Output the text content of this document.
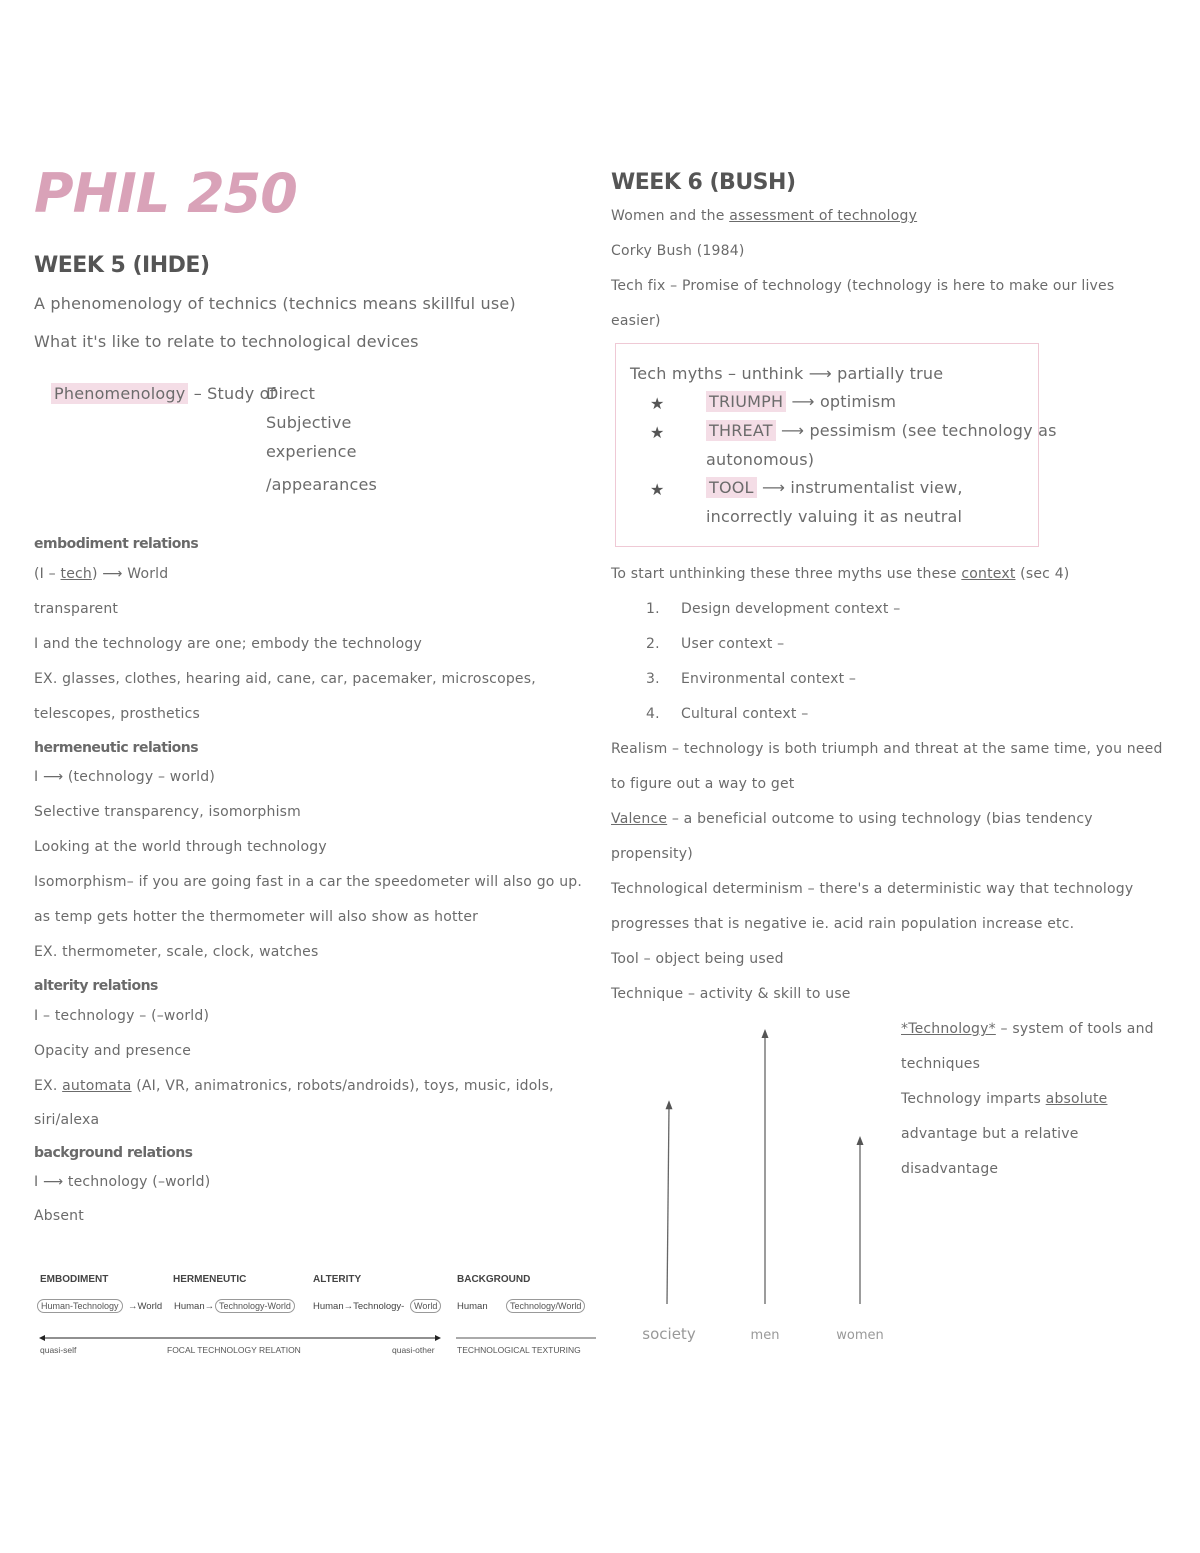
PHIL 250
WEEK 5 (IHDE)
A phenomenology of technics (technics means skillful use)
What it's like to relate to technological devices
Phenomenology – Study of
Direct
Subjective
experience
/appearances
embodiment relations
(I – tech) ⟶ World
transparent
I and the technology are one; embody the technology
EX. glasses, clothes, hearing aid, cane, car, pacemaker, microscopes,
telescopes, prosthetics
hermeneutic relations
I ⟶ (technology – world)
Selective transparency, isomorphism
Looking at the world through technology
Isomorphism– if you are going fast in a car the speedometer will also go up.
as temp gets hotter the thermometer will also show as hotter
EX. thermometer, scale, clock, watches
alterity relations
I – technology – (–world)
Opacity and presence
EX. automata (AI, VR, animatronics, robots/androids), toys, music, idols,
siri/alexa
background relations
I ⟶ technology (–world)
Absent
EMBODIMENT	HERMENEUTIC	ALTERITY	BACKGROUND
Human-Technology →World Human→ Technology-World	Human→Technology-	World	Human	Technology/World
quasi-self	FOCAL TECHNOLOGY RELATION	quasi-other	TECHNOLOGICAL TEXTURING
WEEK 6 (BUSH)
Women and the assessment of technology
Corky Bush (1984)
Tech fix – Promise of technology (technology is here to make our lives
easier)
Tech myths – unthink ⟶ partially true
★	TRIUMPH ⟶ optimism
★	THREAT ⟶ pessimism (see technology as
autonomous)
★	TOOL ⟶ instrumentalist view,
incorrectly valuing it as neutral
To start unthinking these three myths use these context (sec 4)
1. Design development context –
2. User context –
3. Environmental context –
4. Cultural context –
Realism – technology is both triumph and threat at the same time, you need
to figure out a way to get
Valence – a beneficial outcome to using technology (bias tendency
propensity)
Technological determinism – there's a deterministic way that technology
progresses that is negative ie. acid rain population increase etc.
Tool – object being used
Technique – activity & skill to use
*Technology* – system of tools and
techniques
Technology imparts absolute
advantage but a relative
disadvantage
society	men	women
